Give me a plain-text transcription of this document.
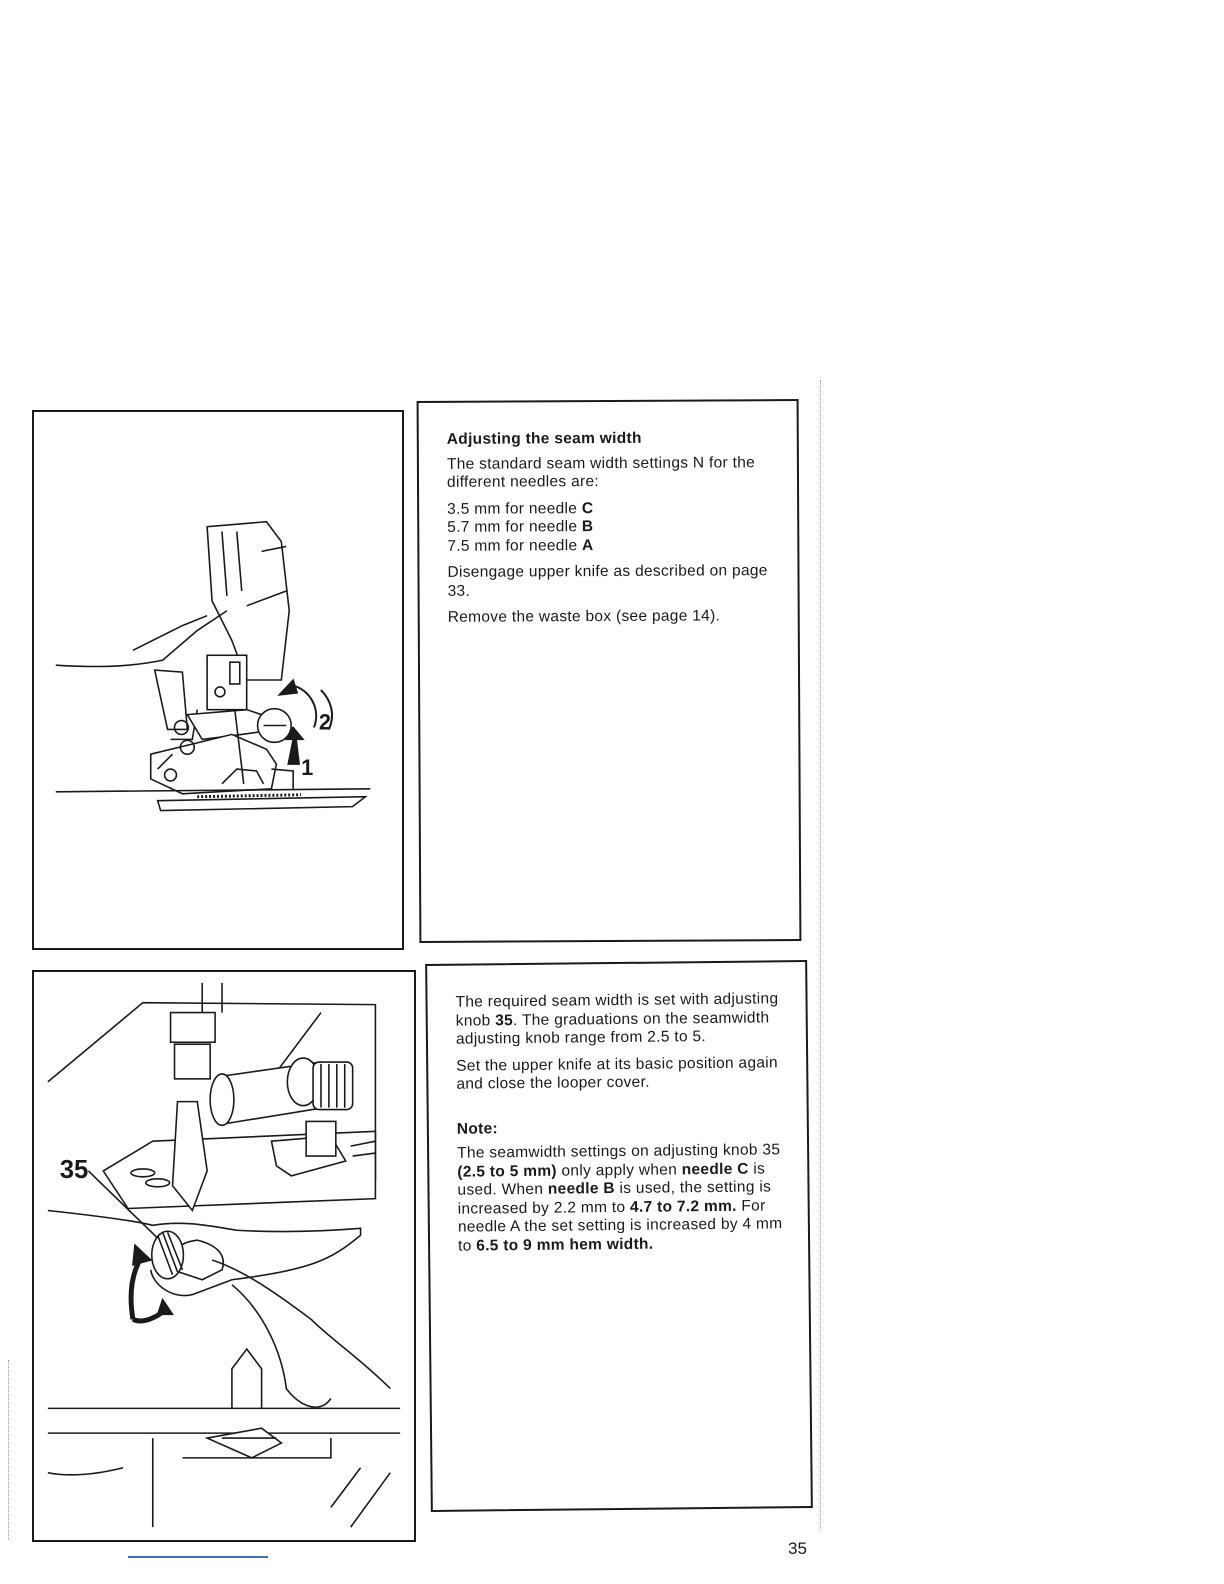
2
1

Adjusting the seam width

The standard seam width settings N for the different needles are:

3.5 mm for needle C
5.7 mm for needle B
7.5 mm for needle A

Disengage upper knife as described on page 33.

Remove the waste box (see page 14).

35

The required seam width is set with adjusting knob 35. The graduations on the seamwidth adjusting knob range from 2.5 to 5.

Set the upper knife at its basic position again and close the looper cover.

Note:

The seamwidth settings on adjusting knob 35 (2.5 to 5 mm) only apply when needle C is used. When needle B is used, the setting is increased by 2.2 mm to 4.7 to 7.2 mm. For needle A the set setting is increased by 4 mm to 6.5 to 9 mm hem width.

35
